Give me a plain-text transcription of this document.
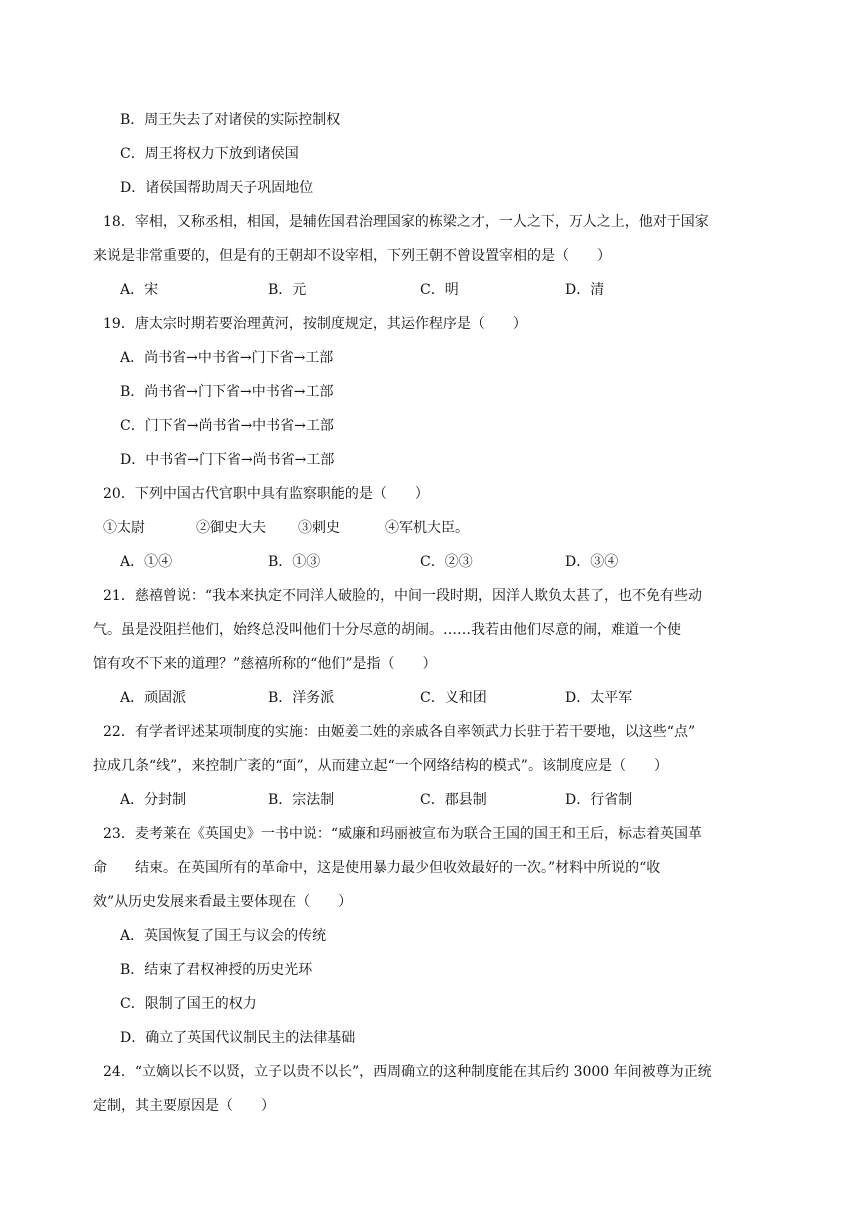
B．周王失去了对诸侯的实际控制权
C．周王将权力下放到诸侯国
D．诸侯国帮助周天子巩固地位
18．宰相，又称丞相，相国，是辅佐国君治理国家的栋梁之才，一人之下，万人之上，他对于国家
来说是非常重要的，但是有的王朝却不设宰相，下列王朝不曾设置宰相的是（　　）
A．宋	B．元	C．明	D．清
19．唐太宗时期若要治理黄河，按制度规定，其运作程序是（　　）
A．尚书省→中书省→门下省→工部
B．尚书省→门下省→中书省→工部
C．门下省→尚书省→中书省→工部
D．中书省→门下省→尚书省→工部
20．下列中国古代官职中具有监察职能的是（　　）
①太尉	②御史大夫 ③刺史	④军机大臣。
A．①④	B．①③	C．②③	D．③④
21．慈禧曾说：“我本来执定不同洋人破脸的，中间一段时期，因洋人欺负太甚了，也不免有些动
气。虽是没阻拦他们，始终总没叫他们十分尽意的胡闹。……我若由他们尽意的闹，难道一个使
馆有攻不下来的道理？”慈禧所称的“他们”是指（　　）
A．顽固派	B．洋务派	C．义和团	D．太平军
22．有学者评述某项制度的实施：由姬姜二姓的亲戚各自率领武力长驻于若干要地，以这些“点”
拉成几条“线”，来控制广袤的“面”，从而建立起“一个网络结构的模式”。该制度应是（　　）
A．分封制	B．宗法制	C．郡县制	D．行省制
23．麦考莱在《英国史》一书中说：“威廉和玛丽被宣布为联合王国的国王和王后，标志着英国革
命　　结束。在英国所有的革命中，这是使用暴力最少但收效最好的一次。”材料中所说的“收
效”从历史发展来看最主要体现在（　　）
A．英国恢复了国王与议会的传统
B．结束了君权神授的历史光环
C．限制了国王的权力
D．确立了英国代议制民主的法律基础
24．“立嫡以长不以贤，立子以贵不以长”，西周确立的这种制度能在其后约 3000 年间被尊为正统
定制，其主要原因是（　　）
